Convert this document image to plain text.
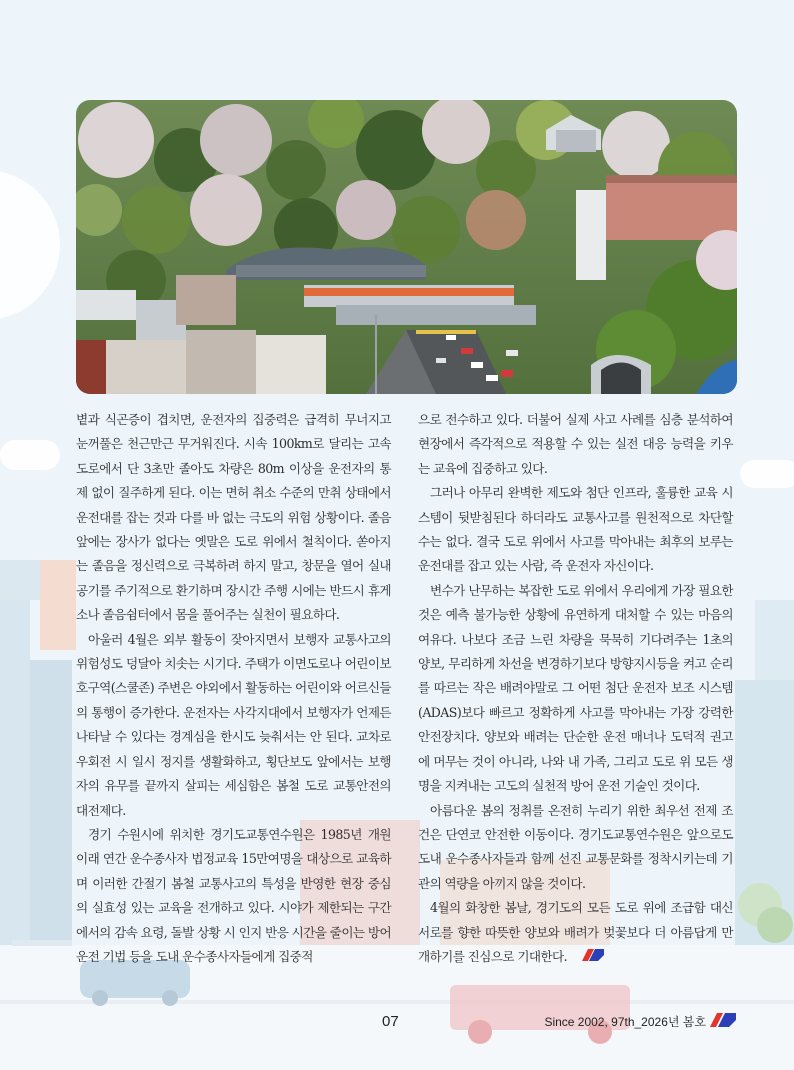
볕과 식곤증이 겹치면, 운전자의 집중력은 급격히 무너지고 눈꺼풀은 천근만근 무거워진다. 시속 100km로 달리는 고속도로에서 단 3초만 졸아도 차량은 80m 이상을 운전자의 통제 없이 질주하게 된다. 이는 면허 취소 수준의 만취 상태에서 운전대를 잡는 것과 다를 바 없는 극도의 위험 상황이다. 졸음 앞에는 장사가 없다는 옛말은 도로 위에서 철칙이다. 쏟아지는 졸음을 정신력으로 극복하려 하지 말고, 창문을 열어 실내 공기를 주기적으로 환기하며 장시간 주행 시에는 반드시 휴게소나 졸음쉼터에서 몸을 풀어주는 실천이 필요하다.

아울러 4월은 외부 활동이 잦아지면서 보행자 교통사고의 위험성도 덩달아 치솟는 시기다. 주택가 이면도로나 어린이보호구역(스쿨존) 주변은 야외에서 활동하는 어린이와 어르신들의 통행이 증가한다. 운전자는 사각지대에서 보행자가 언제든 나타날 수 있다는 경계심을 한시도 늦춰서는 안 된다. 교차로 우회전 시 일시 정지를 생활화하고, 횡단보도 앞에서는 보행자의 유무를 끝까지 살피는 세심함은 봄철 도로 교통안전의 대전제다.

경기 수원시에 위치한 경기도교통연수원은 1985년 개원 이래 연간 운수종사자 법정교육 15만여명을 대상으로 교육하며 이러한 간절기 봄철 교통사고의 특성을 반영한 현장 중심의 실효성 있는 교육을 전개하고 있다. 시야가 제한되는 구간에서의 감속 요령, 돌발 상황 시 인지 반응 시간을 줄이는 방어 운전 기법 등을 도내 운수종사자들에게 집중적

으로 전수하고 있다. 더불어 실제 사고 사례를 심층 분석하여 현장에서 즉각적으로 적용할 수 있는 실전 대응 능력을 키우는 교육에 집중하고 있다.

그러나 아무리 완벽한 제도와 첨단 인프라, 훌륭한 교육 시스템이 뒷받침된다 하더라도 교통사고를 원천적으로 차단할 수는 없다. 결국 도로 위에서 사고를 막아내는 최후의 보루는 운전대를 잡고 있는 사람, 즉 운전자 자신이다.

변수가 난무하는 복잡한 도로 위에서 우리에게 가장 필요한 것은 예측 불가능한 상황에 유연하게 대처할 수 있는 마음의 여유다. 나보다 조금 느린 차량을 묵묵히 기다려주는 1초의 양보, 무리하게 차선을 변경하기보다 방향지시등을 켜고 순리를 따르는 작은 배려야말로 그 어떤 첨단 운전자 보조 시스템(ADAS)보다 빠르고 정확하게 사고를 막아내는 가장 강력한 안전장치다. 양보와 배려는 단순한 운전 매너나 도덕적 권고에 머무는 것이 아니라, 나와 내 가족, 그리고 도로 위 모든 생명을 지켜내는 고도의 실천적 방어 운전 기술인 것이다.

아름다운 봄의 정취를 온전히 누리기 위한 최우선 전제 조건은 단연코 안전한 이동이다. 경기도교통연수원은 앞으로도 도내 운수종사자들과 함께 선진 교통문화를 정착시키는데 기관의 역량을 아끼지 않을 것이다.

4월의 화창한 봄날, 경기도의 모든 도로 위에 조급함 대신 서로를 향한 따뜻한 양보와 배려가 벚꽃보다 더 아름답게 만개하기를 진심으로 기대한다.

07	Since 2002, 97th_2026년 봄호
